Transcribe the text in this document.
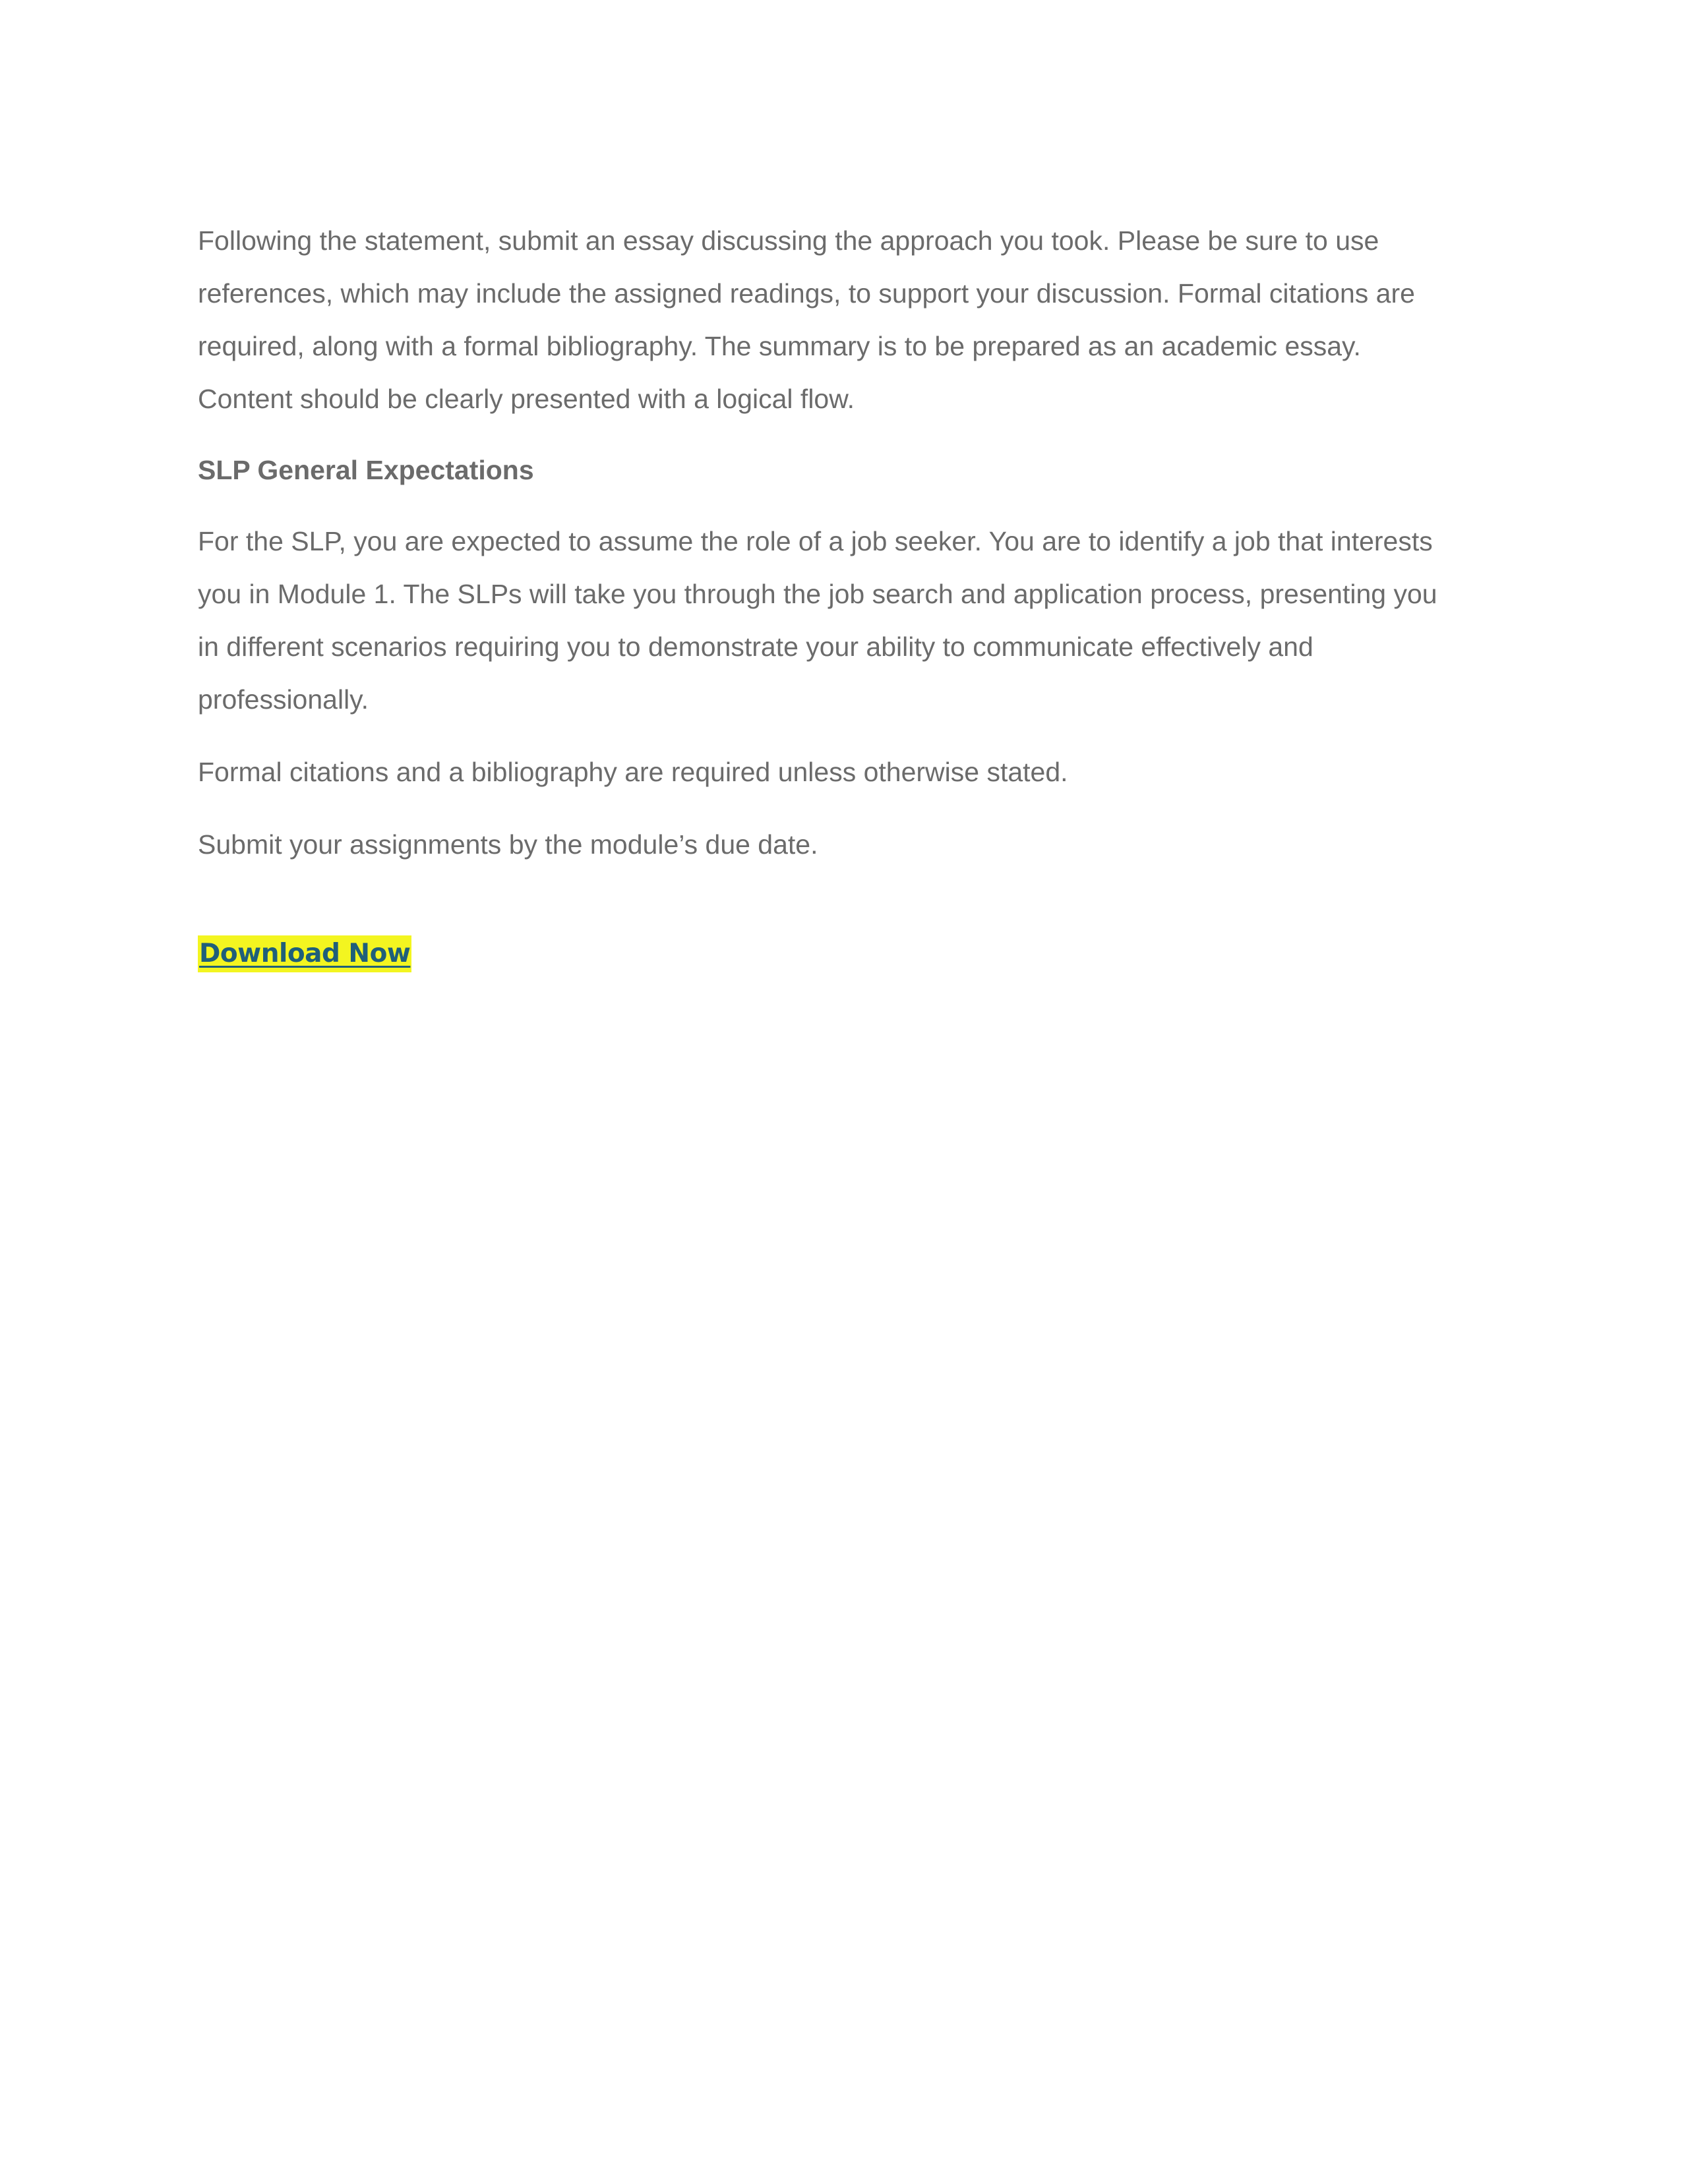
Following the statement, submit an essay discussing the approach you took. Please be sure to use
references, which may include the assigned readings, to support your discussion. Formal citations are
required, along with a formal bibliography. The summary is to be prepared as an academic essay.
Content should be clearly presented with a logical flow.

SLP General Expectations

For the SLP, you are expected to assume the role of a job seeker. You are to identify a job that interests
you in Module 1. The SLPs will take you through the job search and application process, presenting you
in different scenarios requiring you to demonstrate your ability to communicate effectively and
professionally.

Formal citations and a bibliography are required unless otherwise stated.

Submit your assignments by the module’s due date.

Download Now
